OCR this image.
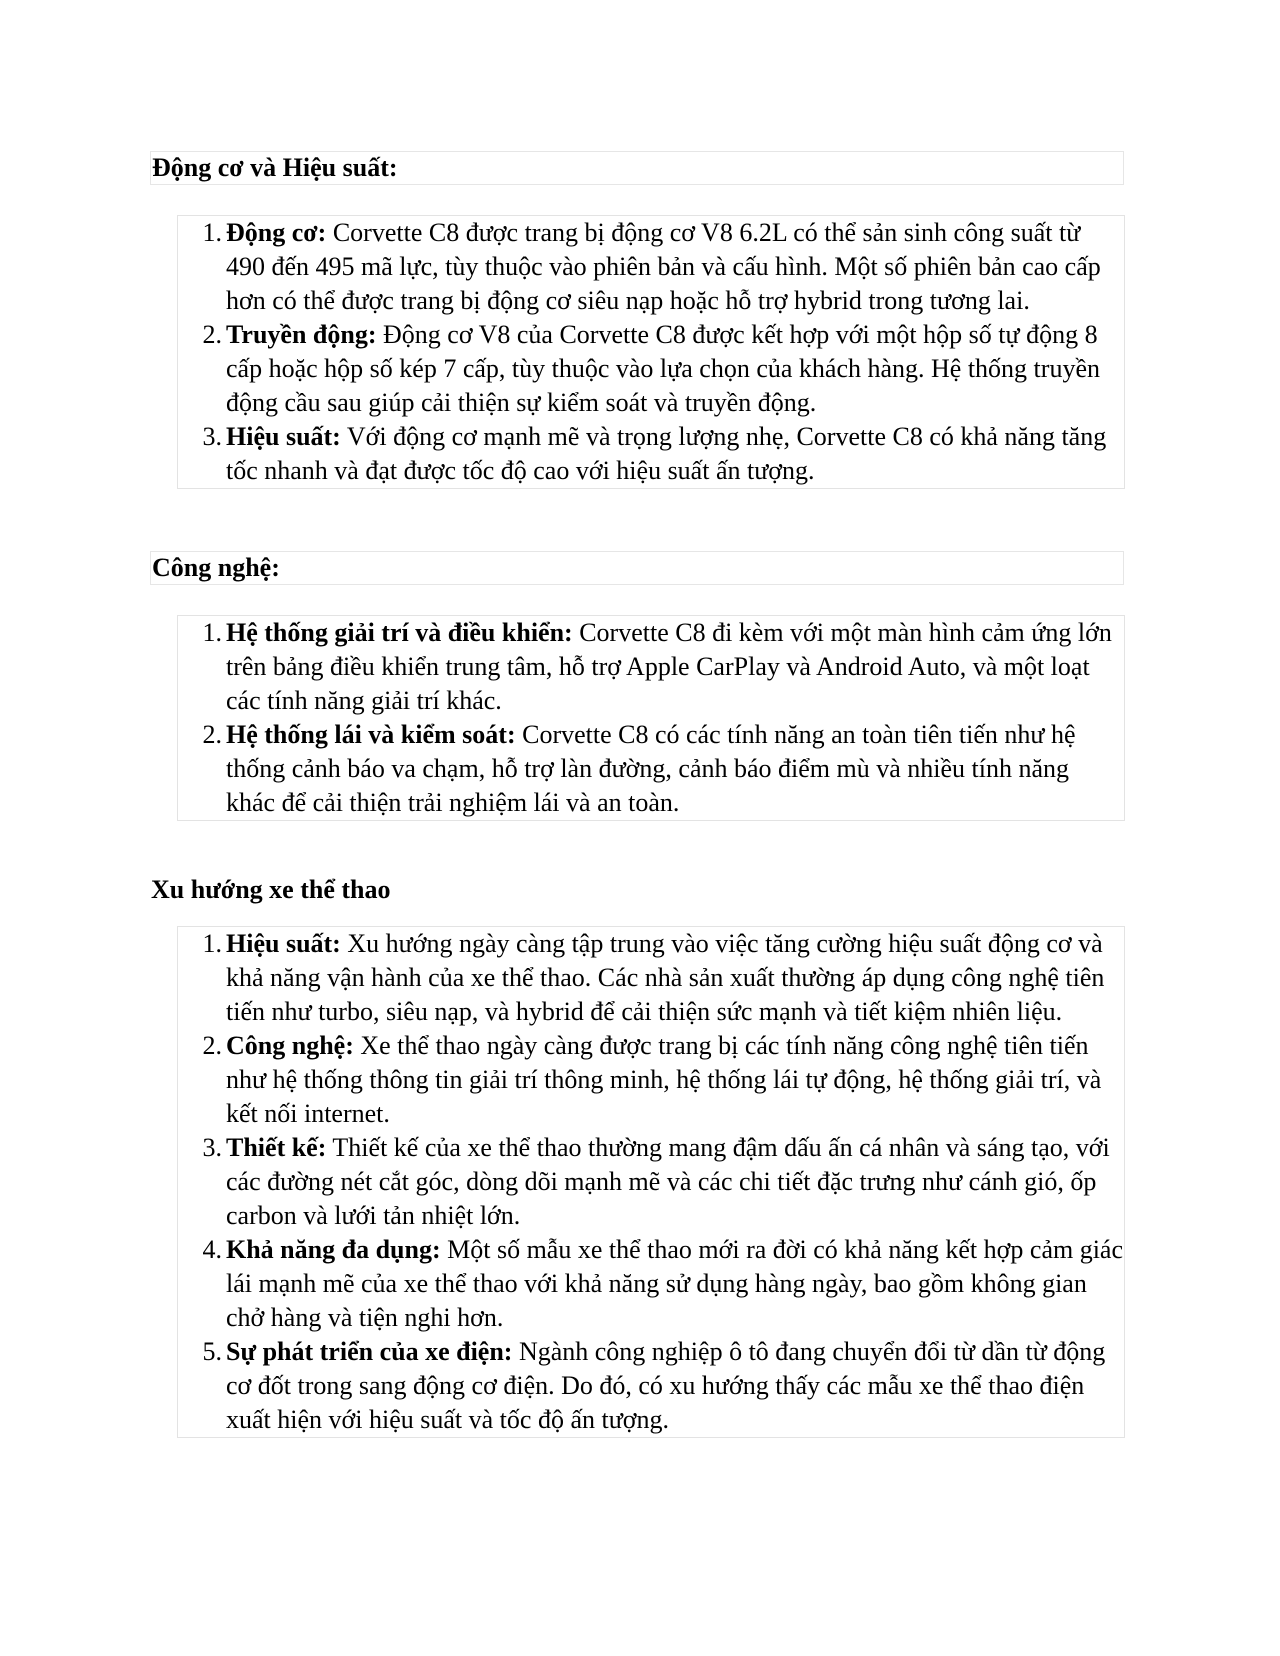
Động cơ và Hiệu suất:
1. Động cơ: Corvette C8 được trang bị động cơ V8 6.2L có thể sản sinh công suất từ 490 đến 495 mã lực, tùy thuộc vào phiên bản và cấu hình. Một số phiên bản cao cấp hơn có thể được trang bị động cơ siêu nạp hoặc hỗ trợ hybrid trong tương lai.
2. Truyền động: Động cơ V8 của Corvette C8 được kết hợp với một hộp số tự động 8 cấp hoặc hộp số kép 7 cấp, tùy thuộc vào lựa chọn của khách hàng. Hệ thống truyền động cầu sau giúp cải thiện sự kiểm soát và truyền động.
3. Hiệu suất: Với động cơ mạnh mẽ và trọng lượng nhẹ, Corvette C8 có khả năng tăng tốc nhanh và đạt được tốc độ cao với hiệu suất ấn tượng.
Công nghệ:
1. Hệ thống giải trí và điều khiển: Corvette C8 đi kèm với một màn hình cảm ứng lớn trên bảng điều khiển trung tâm, hỗ trợ Apple CarPlay và Android Auto, và một loạt các tính năng giải trí khác.
2. Hệ thống lái và kiểm soát: Corvette C8 có các tính năng an toàn tiên tiến như hệ thống cảnh báo va chạm, hỗ trợ làn đường, cảnh báo điểm mù và nhiều tính năng khác để cải thiện trải nghiệm lái và an toàn.
Xu hướng xe thể thao
1. Hiệu suất: Xu hướng ngày càng tập trung vào việc tăng cường hiệu suất động cơ và khả năng vận hành của xe thể thao. Các nhà sản xuất thường áp dụng công nghệ tiên tiến như turbo, siêu nạp, và hybrid để cải thiện sức mạnh và tiết kiệm nhiên liệu.
2. Công nghệ: Xe thể thao ngày càng được trang bị các tính năng công nghệ tiên tiến như hệ thống thông tin giải trí thông minh, hệ thống lái tự động, hệ thống giải trí, và kết nối internet.
3. Thiết kế: Thiết kế của xe thể thao thường mang đậm dấu ấn cá nhân và sáng tạo, với các đường nét cắt góc, dòng dõi mạnh mẽ và các chi tiết đặc trưng như cánh gió, ốp carbon và lưới tản nhiệt lớn.
4. Khả năng đa dụng: Một số mẫu xe thể thao mới ra đời có khả năng kết hợp cảm giác lái mạnh mẽ của xe thể thao với khả năng sử dụng hàng ngày, bao gồm không gian chở hàng và tiện nghi hơn.
5. Sự phát triển của xe điện: Ngành công nghiệp ô tô đang chuyển đổi từ dần từ động cơ đốt trong sang động cơ điện. Do đó, có xu hướng thấy các mẫu xe thể thao điện xuất hiện với hiệu suất và tốc độ ấn tượng.
